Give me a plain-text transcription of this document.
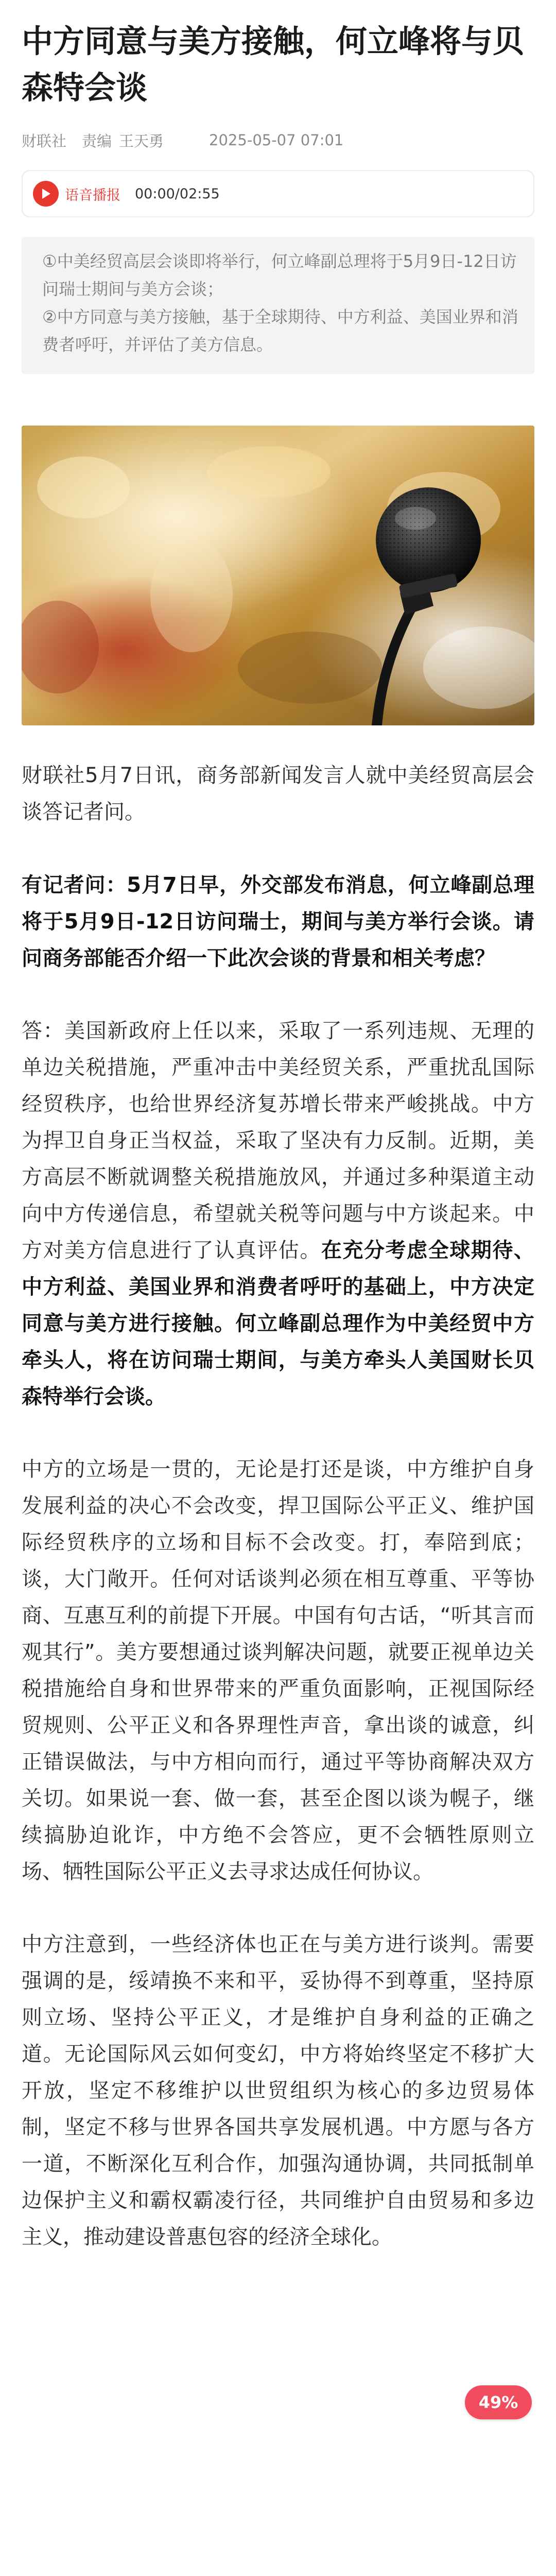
中方同意与美方接触，何立峰将与贝森特会谈
财联社 责编 王天勇	2025-05-07 07:01
语音播报 00:00/02:55

①中美经贸高层会谈即将举行，何立峰副总理将于5月9日-12日访问瑞士期间与美方会谈；

②中方同意与美方接触，基于全球期待、中方利益、美国业界和消费者呼吁，并评估了美方信息。

财联社5月7日讯，商务部新闻发言人就中美经贸高层会谈答记者问。

有记者问：5月7日早，外交部发布消息，何立峰副总理将于5月9日-12日访问瑞士，期间与美方举行会谈。请问商务部能否介绍一下此次会谈的背景和相关考虑？

答：美国新政府上任以来，采取了一系列违规、无理的单边关税措施，严重冲击中美经贸关系，严重扰乱国际经贸秩序，也给世界经济复苏增长带来严峻挑战。中方为捍卫自身正当权益，采取了坚决有力反制。近期，美方高层不断就调整关税措施放风，并通过多种渠道主动向中方传递信息，希望就关税等问题与中方谈起来。中方对美方信息进行了认真评估。在充分考虑全球期待、中方利益、美国业界和消费者呼吁的基础上，中方决定同意与美方进行接触。何立峰副总理作为中美经贸中方牵头人，将在访问瑞士期间，与美方牵头人美国财长贝森特举行会谈。

中方的立场是一贯的，无论是打还是谈，中方维护自身发展利益的决心不会改变，捍卫国际公平正义、维护国际经贸秩序的立场和目标不会改变。打，奉陪到底；谈，大门敞开。任何对话谈判必须在相互尊重、平等协商、互惠互利的前提下开展。中国有句古话，“听其言而观其行”。美方要想通过谈判解决问题，就要正视单边关税措施给自身和世界带来的严重负面影响，正视国际经贸规则、公平正义和各界理性声音，拿出谈的诚意，纠正错误做法，与中方相向而行，通过平等协商解决双方关切。如果说一套、做一套，甚至企图以谈为幌子，继续搞胁迫讹诈，中方绝不会答应，更不会牺牲原则立场、牺牲国际公平正义去寻求达成任何协议。

中方注意到，一些经济体也正在与美方进行谈判。需要强调的是，绥靖换不来和平，妥协得不到尊重，坚持原则立场、坚持公平正义，才是维护自身利益的正确之道。无论国际风云如何变幻，中方将始终坚定不移扩大开放，坚定不移维护以世贸组织为核心的多边贸易体制，坚定不移与世界各国共享发展机遇。中方愿与各方一道，不断深化互利合作，加强沟通协调，共同抵制单边保护主义和霸权霸凌行径，共同维护自由贸易和多边主义，推动建设普惠包容的经济全球化。

49%
